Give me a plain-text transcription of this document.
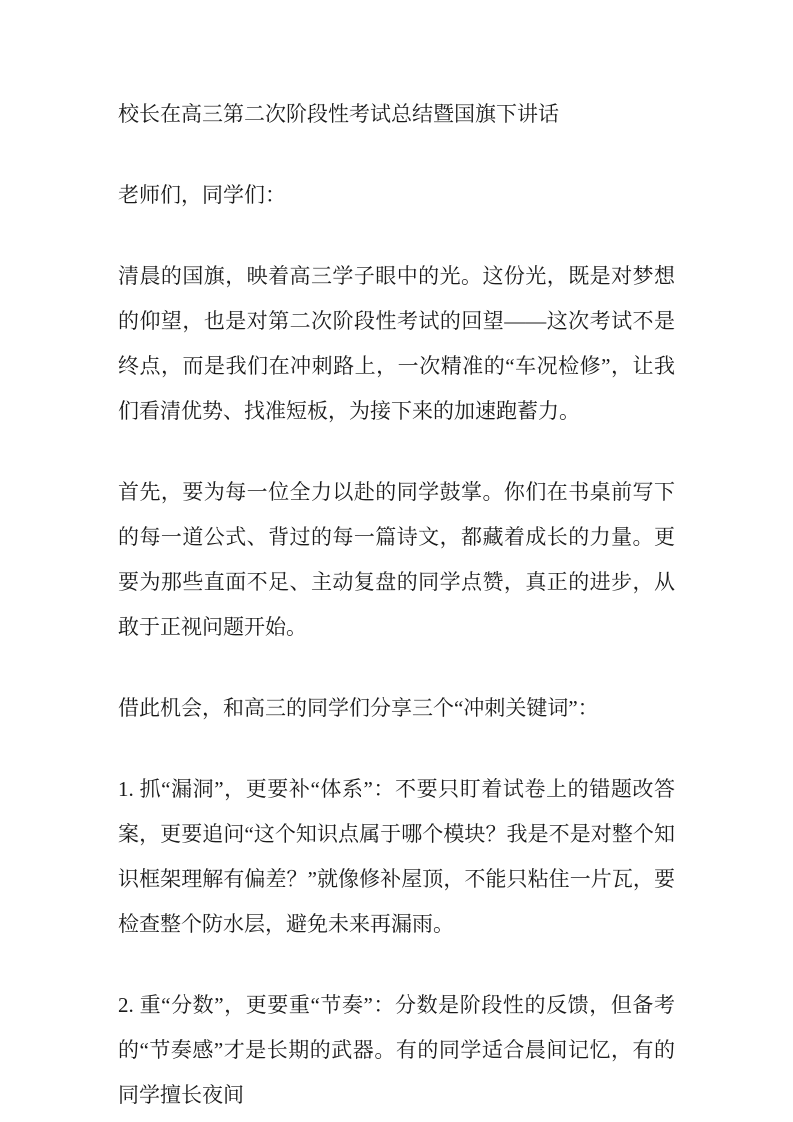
校长在高三第二次阶段性考试总结暨国旗下讲话

老师们，同学们：

清晨的国旗，映着高三学子眼中的光。这份光，既是对梦想的仰望，也是对第二次阶段性考试的回望——这次考试不是终点，而是我们在冲刺路上，一次精准的“车况检修”，让我们看清优势、找准短板，为接下来的加速跑蓄力。

首先，要为每一位全力以赴的同学鼓掌。你们在书桌前写下的每一道公式、背过的每一篇诗文，都藏着成长的力量。更要为那些直面不足、主动复盘的同学点赞，真正的进步，从敢于正视问题开始。

借此机会，和高三的同学们分享三个“冲刺关键词”：

1. 抓“漏洞”，更要补“体系”：不要只盯着试卷上的错题改答案，更要追问“这个知识点属于哪个模块？我是不是对整个知识框架理解有偏差？”就像修补屋顶，不能只粘住一片瓦，要检查整个防水层，避免未来再漏雨。

2. 重“分数”，更要重“节奏”：分数是阶段性的反馈，但备考的“节奏感”才是长期的武器。有的同学适合晨间记忆，有的同学擅长夜间
